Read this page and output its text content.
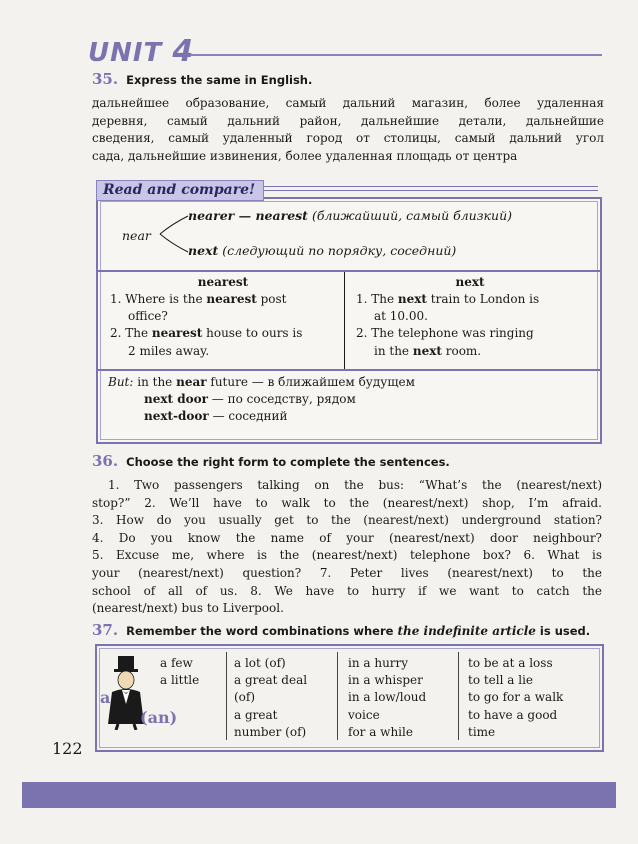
UNIT 4
35. Express the same in English.
дальнейшее образование, самый дальний магазин, более удаленная
деревня, самый дальний район, дальнейшие детали, дальнейшие
сведения, самый удаленный город от столицы, самый дальний угол
сада, дальнейшие извинения, более удаленная площадь от центра
Read and compare!
near
nearer — nearest (ближайший, самый близкий)
next (следующий по порядку, соседний)
nearest	next
1. Where is the nearest post
office?
2. The nearest house to ours is
2 miles away.
1. The next train to London is
at 10.00.
2. The telephone was ringing
in the next room.
But: in the near future — в ближайшем будущем
next door — по соседству, рядом
next-door — соседний
36. Choose the right form to complete the sentences.
1. Two passengers talking on the bus: “What’s the (nearest/next)
stop?” 2. We’ll have to walk to the (nearest/next) shop, I’m afraid.
3. How do you usually get to the (nearest/next) underground station?
4. Do you know the name of your (nearest/next) door neighbour?
5. Excuse me, where is the (nearest/next) telephone box? 6. What is
your (nearest/next) question? 7. Peter lives (nearest/next) to the
school of all of us. 8. We have to hurry if we want to catch the
(nearest/next) bus to Liverpool.
37. Remember the word combinations where the indefinite article is used.
a
(an)
a few
a little
a lot (of)
a great deal
(of)
a great
number (of)
in a hurry
in a whisper
in a low/loud
voice
for a while
to be at a loss
to tell a lie
to go for a walk
to have a good
time
122
